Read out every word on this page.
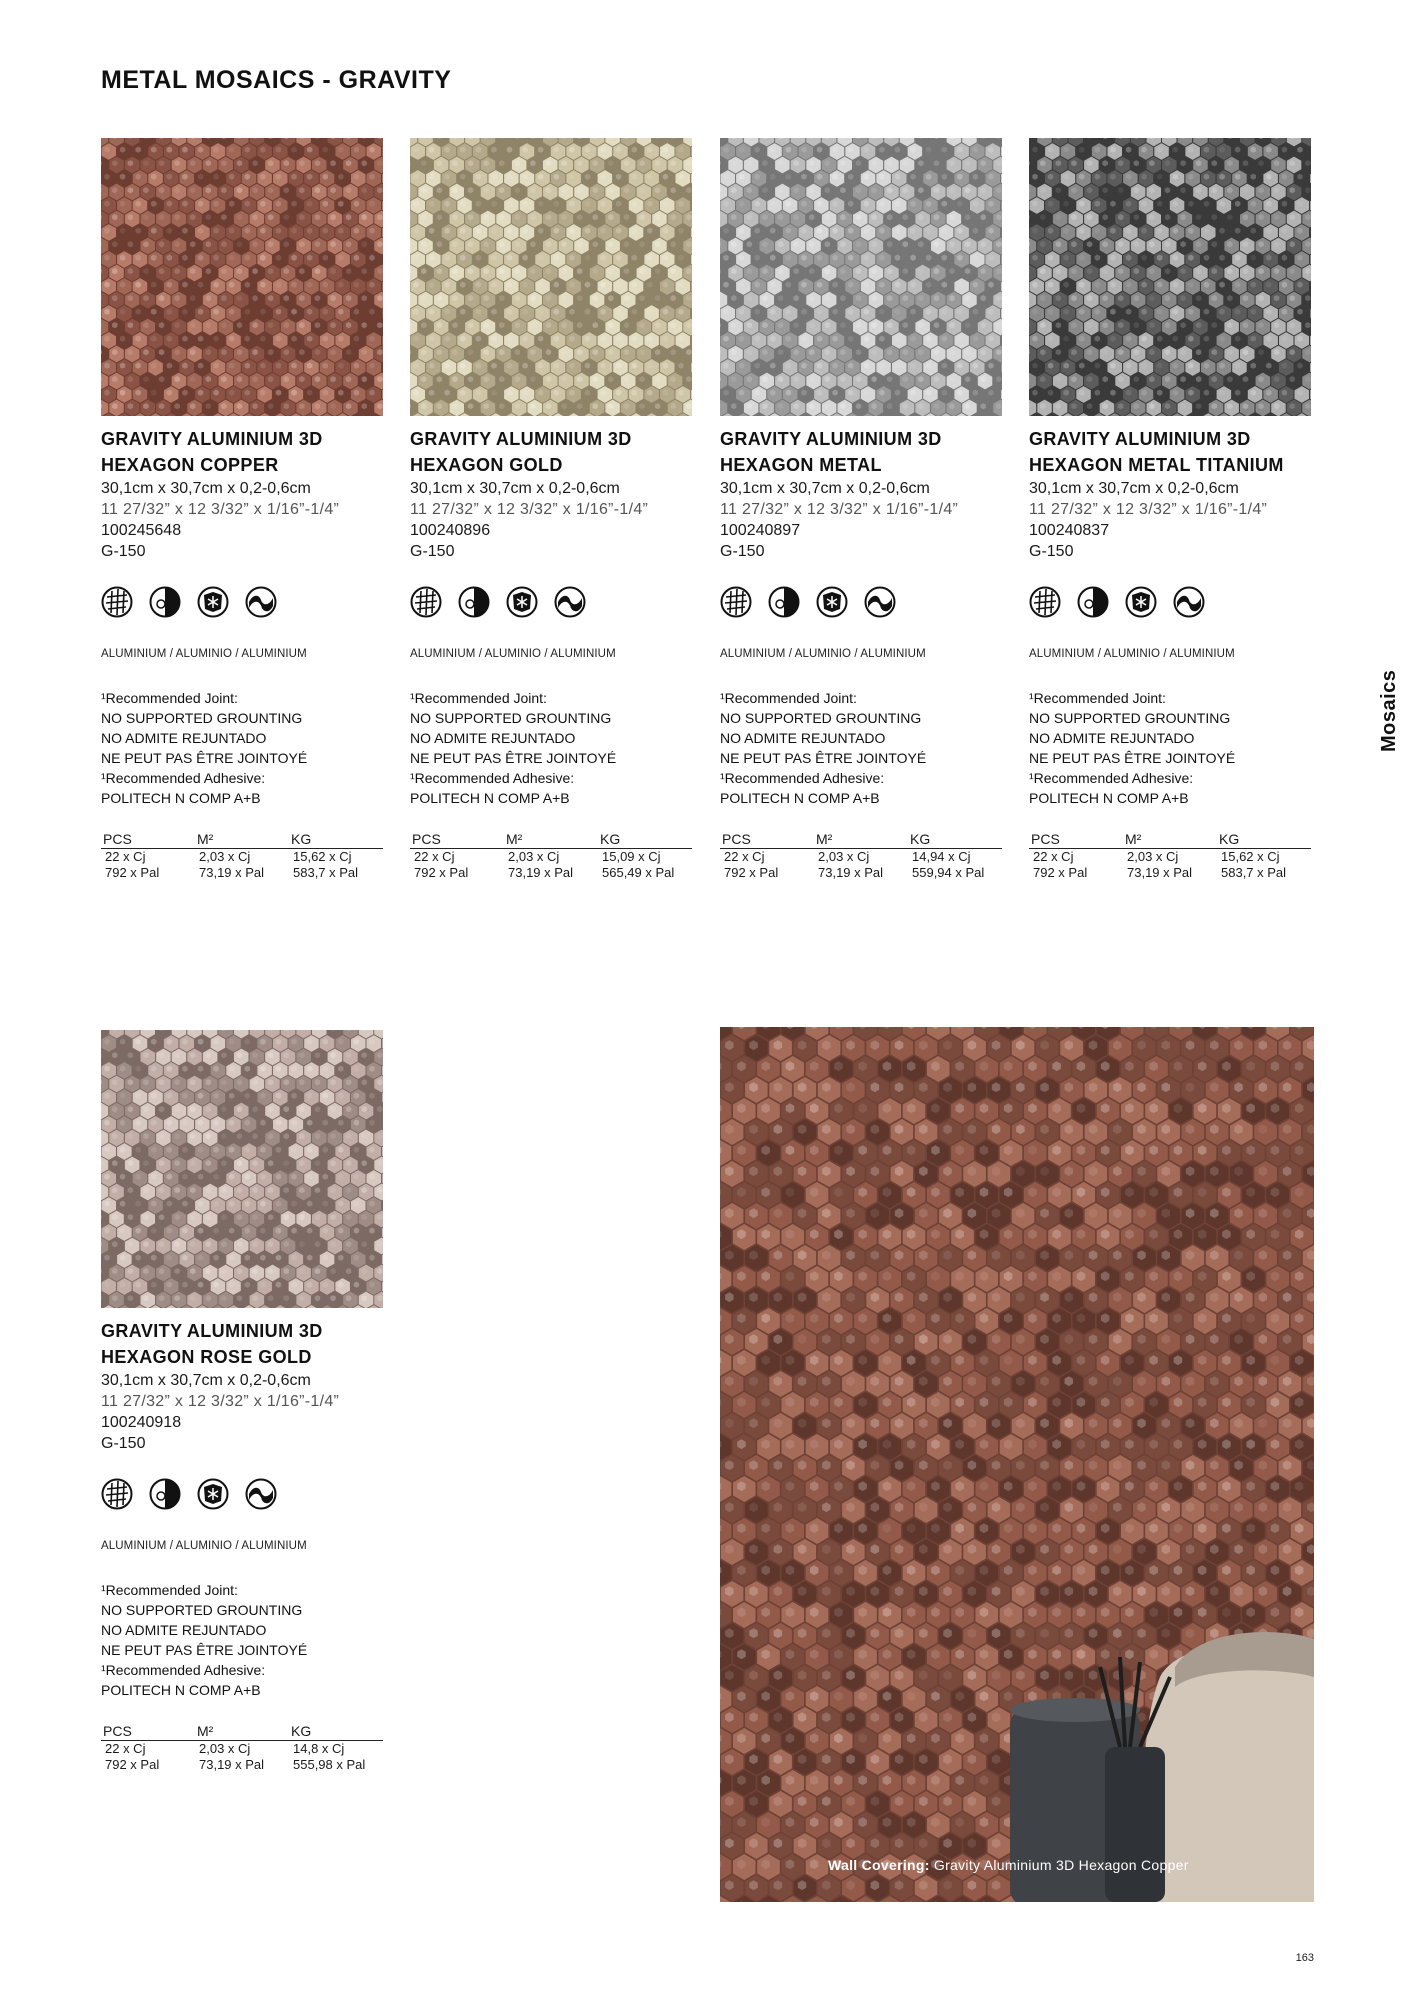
METAL MOSAICS - GRAVITY
GRAVITY ALUMINIUM 3D
HEXAGON COPPER
30,1cm x 30,7cm x 0,2-0,6cm
11 27/32” x 12 3/32” x 1/16”-1/4”
100245648
G-150
ALUMINIUM / ALUMINIO / ALUMINIUM
¹Recommended Joint:
NO SUPPORTED GROUNTING
NO ADMITE REJUNTADO
NE PEUT PAS ÊTRE JOINTOYÉ
¹Recommended Adhesive:
POLITECH N COMP A+B
PCS	M²	KG
22 x Cj	2,03 x Cj	15,62 x Cj
792 x Pal	73,19 x Pal	583,7 x Pal
GRAVITY ALUMINIUM 3D
HEXAGON GOLD
30,1cm x 30,7cm x 0,2-0,6cm
11 27/32” x 12 3/32” x 1/16”-1/4”
100240896
G-150
ALUMINIUM / ALUMINIO / ALUMINIUM
¹Recommended Joint:
NO SUPPORTED GROUNTING
NO ADMITE REJUNTADO
NE PEUT PAS ÊTRE JOINTOYÉ
¹Recommended Adhesive:
POLITECH N COMP A+B
PCS	M²	KG
22 x Cj	2,03 x Cj	15,09 x Cj
792 x Pal	73,19 x Pal	565,49 x Pal
GRAVITY ALUMINIUM 3D
HEXAGON METAL
30,1cm x 30,7cm x 0,2-0,6cm
11 27/32” x 12 3/32” x 1/16”-1/4”
100240897
G-150
ALUMINIUM / ALUMINIO / ALUMINIUM
¹Recommended Joint:
NO SUPPORTED GROUNTING
NO ADMITE REJUNTADO
NE PEUT PAS ÊTRE JOINTOYÉ
¹Recommended Adhesive:
POLITECH N COMP A+B
PCS	M²	KG
22 x Cj	2,03 x Cj	14,94 x Cj
792 x Pal	73,19 x Pal	559,94 x Pal
GRAVITY ALUMINIUM 3D
HEXAGON METAL TITANIUM
30,1cm x 30,7cm x 0,2-0,6cm
11 27/32” x 12 3/32” x 1/16”-1/4”
100240837
G-150
ALUMINIUM / ALUMINIO / ALUMINIUM
¹Recommended Joint:
NO SUPPORTED GROUNTING
NO ADMITE REJUNTADO
NE PEUT PAS ÊTRE JOINTOYÉ
¹Recommended Adhesive:
POLITECH N COMP A+B
PCS	M²	KG
22 x Cj	2,03 x Cj	15,62 x Cj
792 x Pal	73,19 x Pal	583,7 x Pal
GRAVITY ALUMINIUM 3D
HEXAGON ROSE GOLD
30,1cm x 30,7cm x 0,2-0,6cm
11 27/32” x 12 3/32” x 1/16”-1/4”
100240918
G-150
ALUMINIUM / ALUMINIO / ALUMINIUM
¹Recommended Joint:
NO SUPPORTED GROUNTING
NO ADMITE REJUNTADO
NE PEUT PAS ÊTRE JOINTOYÉ
¹Recommended Adhesive:
POLITECH N COMP A+B
PCS	M²	KG
22 x Cj	2,03 x Cj	14,8 x Cj
792 x Pal	73,19 x Pal	555,98 x Pal
Wall Covering: Gravity Aluminium 3D Hexagon Copper
Mosaics
163
